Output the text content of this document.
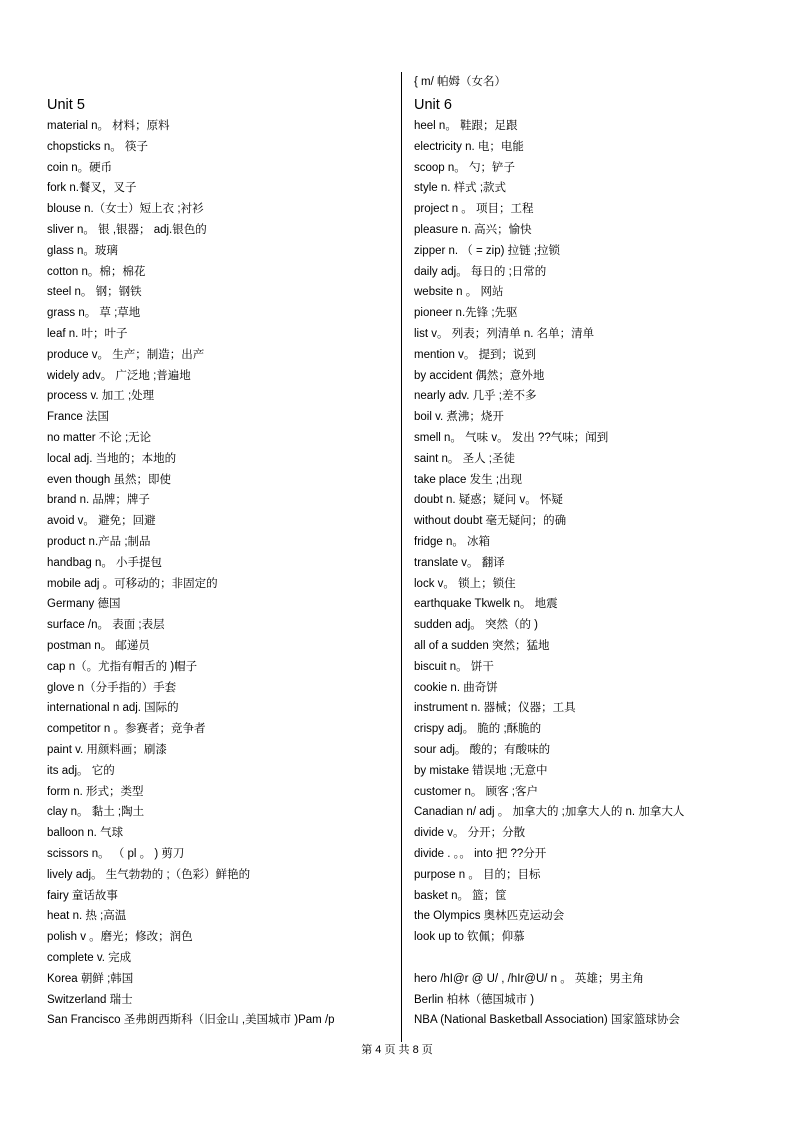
{ m/ 帕姆（女名）
Unit 5
material n。 材料；原料
chopsticks n。 筷子
coin n。硬币
fork n.餐叉，叉子
blouse n.（女士）短上衣 ;衬衫
sliver n。 银 ,银器； adj.银色的
glass n。玻璃
cotton n。棉；棉花
steel n。 钢；钢铁
grass n。 草 ;草地
leaf n. 叶；叶子
produce v。 生产；制造；出产
widely adv。 广泛地 ;普遍地
process v. 加工 ;处理
France 法国
no matter 不论 ;无论
local adj. 当地的；本地的
even though 虽然；即使
brand n. 品牌；牌子
avoid v。 避免；回避
product n.产品 ;制品
handbag n。 小手提包
mobile adj 。可移动的；非固定的
Germany 德国
surface /n。 表面 ;表层
postman n。 邮递员
cap n（。尤指有帽舌的 )帽子
glove n（分手指的）手套
international n adj. 国际的
competitor n 。参赛者；竞争者
paint v. 用颜料画；刷漆
its adj。 它的
form n. 形式；类型
clay n。 黏土 ;陶土
balloon n. 气球
scissors n。 （ pl 。 ) 剪刀
lively adj。 生气勃勃的 ;（色彩）鲜艳的
fairy 童话故事
heat n. 热 ;高温
polish v 。磨光；修改；润色
complete v. 完成
Korea 朝鲜 ;韩国
Switzerland 瑞士
San Francisco 圣弗朗西斯科（旧金山 ,美国城市 )Pam /p
Unit 6
heel n。 鞋跟；足跟
electricity n. 电；电能
scoop n。 勺；铲子
style n. 样式 ;款式
project n 。 项目；工程
pleasure n. 高兴；愉快
zipper n. （ = zip) 拉链 ;拉锁
daily adj。 每日的 ;日常的
website n 。 网站
pioneer n.先锋 ;先驱
list v。 列表；列清单 n. 名单；清单
mention v。 提到；说到
by accident 偶然；意外地
nearly adv. 几乎 ;差不多
boil v. 煮沸；烧开
smell n。 气味 v。 发出 ??气味；闻到
saint n。 圣人 ;圣徒
take place 发生 ;出现
doubt n. 疑惑；疑问 v。 怀疑
without doubt 毫无疑问；的确
fridge n。 冰箱
translate v。 翻译
lock v。 锁上；锁住
earthquake Tkwelk n。 地震
sudden adj。 突然（的 )
all of a sudden 突然；猛地
biscuit n。 饼干
cookie n. 曲奇饼
instrument n. 器械；仪器；工具
crispy adj。 脆的 ;酥脆的
sour adj。 酸的；有酸味的
by mistake 错误地 ;无意中
customer n。 顾客 ;客户
Canadian n/ adj 。 加拿大的 ;加拿大人的 n. 加拿大人
divide v。 分开；分散
divide . 。。 into 把 ??分开
purpose n 。 目的；目标
basket n。 篮；筐
the Olympics 奥林匹克运动会
look up to 钦佩；仰慕
hero /hI@r @ U/ , /hIr@U/ n 。 英雄；男主角
Berlin 柏林（德国城市 )
NBA (National Basketball Association) 国家篮球协会
第 4 页 共 8 页
